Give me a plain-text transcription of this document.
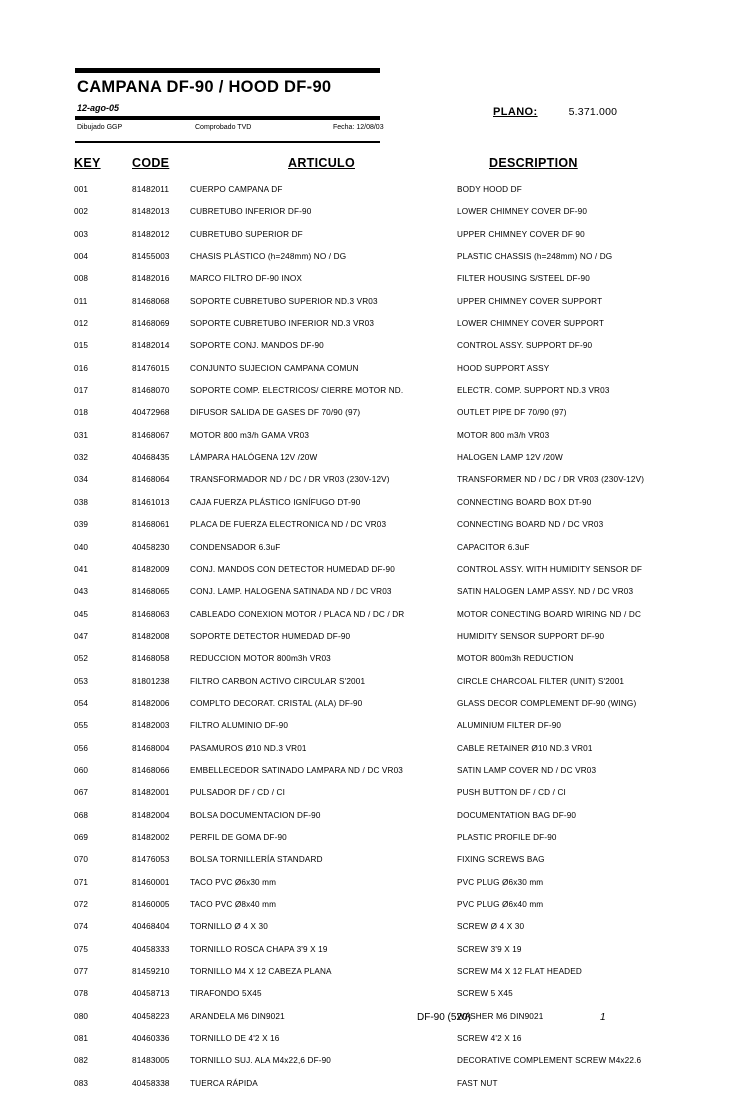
CAMPANA DF-90 / HOOD DF-90
12-ago-05
Dibujado GGP	Comprobado TVD	Fecha: 12/08/03
PLANO:	5.371.000
KEY	CODE	ARTICULO	DESCRIPTION
001	81482011	CUERPO CAMPANA DF	BODY HOOD DF
002	81482013 CUBRETUBO INFERIOR DF-90	LOWER CHIMNEY COVER DF-90
003	81482012 CUBRETUBO SUPERIOR DF	UPPER CHIMNEY COVER DF 90
004	81455003 CHASIS PLÁSTICO (h=248mm) NO / DG	PLASTIC CHASSIS (h=248mm) NO / DG
008	81482016 MARCO FILTRO DF-90 INOX	FILTER HOUSING S/STEEL DF-90
011	81468068 SOPORTE CUBRETUBO SUPERIOR ND.3 VR03	UPPER CHIMNEY COVER SUPPORT
012	81468069 SOPORTE CUBRETUBO INFERIOR ND.3 VR03	LOWER CHIMNEY COVER SUPPORT
015	81482014 SOPORTE CONJ. MANDOS DF-90	CONTROL ASSY. SUPPORT DF-90
016	81476015 CONJUNTO SUJECION CAMPANA COMUN	HOOD SUPPORT ASSY
017	81468070 SOPORTE COMP. ELECTRICOS/ CIERRE MOTOR ND.	ELECTR. COMP. SUPPORT ND.3 VR03
018	40472968 DIFUSOR SALIDA DE GASES DF 70/90 (97)	OUTLET PIPE DF 70/90 (97)
031	81468067 MOTOR 800 m3/h GAMA VR03	MOTOR 800 m3/h VR03
032	40468435 LÁMPARA HALÓGENA 12V /20W	HALOGEN LAMP 12V /20W
034	81468064 TRANSFORMADOR ND / DC / DR VR03 (230V-12V)	TRANSFORMER ND / DC / DR VR03 (230V-12V)
038	81461013 CAJA FUERZA PLÁSTICO IGNÍFUGO DT-90	CONNECTING BOARD BOX DT-90
039	81468061 PLACA DE FUERZA ELECTRONICA ND / DC VR03	CONNECTING BOARD ND / DC VR03
040	40458230 CONDENSADOR 6.3uF	CAPACITOR 6.3uF
041	81482009 CONJ. MANDOS CON DETECTOR HUMEDAD DF-90	CONTROL ASSY. WITH HUMIDITY SENSOR DF
043	81468065 CONJ. LAMP. HALOGENA SATINADA ND / DC VR03	SATIN HALOGEN LAMP ASSY. ND / DC VR03
045	81468063 CABLEADO CONEXION MOTOR / PLACA ND / DC / DR	MOTOR CONECTING BOARD WIRING ND / DC
047	81482008 SOPORTE DETECTOR HUMEDAD DF-90	HUMIDITY SENSOR SUPPORT DF-90
052	81468058 REDUCCION MOTOR 800m3h VR03	MOTOR 800m3h REDUCTION
053	81801238 FILTRO CARBON ACTIVO CIRCULAR S'2001	CIRCLE CHARCOAL FILTER (UNIT) S'2001
054	81482006 COMPLTO DECORAT. CRISTAL (ALA) DF-90	GLASS DECOR COMPLEMENT DF-90 (WING)
055	81482003 FILTRO ALUMINIO DF-90	ALUMINIUM FILTER DF-90
056	81468004 PASAMUROS Ø10 ND.3 VR01	CABLE RETAINER Ø10 ND.3 VR01
060	81468066 EMBELLECEDOR SATINADO LAMPARA ND / DC VR03	SATIN LAMP COVER ND / DC VR03
067	81482001 PULSADOR DF / CD / CI	PUSH BUTTON DF / CD / CI
068	81482004 BOLSA DOCUMENTACION DF-90	DOCUMENTATION BAG DF-90
069	81482002 PERFIL DE GOMA DF-90	PLASTIC PROFILE DF-90
070	81476053 BOLSA TORNILLERÍA STANDARD	FIXING SCREWS BAG
071	81460001 TACO PVC Ø6x30 mm	PVC PLUG Ø6x30 mm
072	81460005 TACO PVC Ø8x40 mm	PVC PLUG Ø6x40 mm
074	40468404 TORNILLO Ø 4 X 30	SCREW Ø 4 X 30
075	40458333 TORNILLO ROSCA CHAPA 3'9 X 19	SCREW 3'9 X 19
077	81459210 TORNILLO M4 X 12 CABEZA PLANA	SCREW M4 X 12 FLAT HEADED
078	40458713 TIRAFONDO 5X45	SCREW 5 X45
080	40458223 ARANDELA M6 DIN9021	WASHER M6 DIN9021
081	40460336 TORNILLO DE 4'2 X 16	SCREW 4'2 X 16
082	81483005 TORNILLO SUJ. ALA M4x22,6 DF-90	DECORATIVE COMPLEMENT SCREW M4x22.6
083	40458338 TUERCA RÁPIDA	FAST NUT
DF-90 (520)	1
